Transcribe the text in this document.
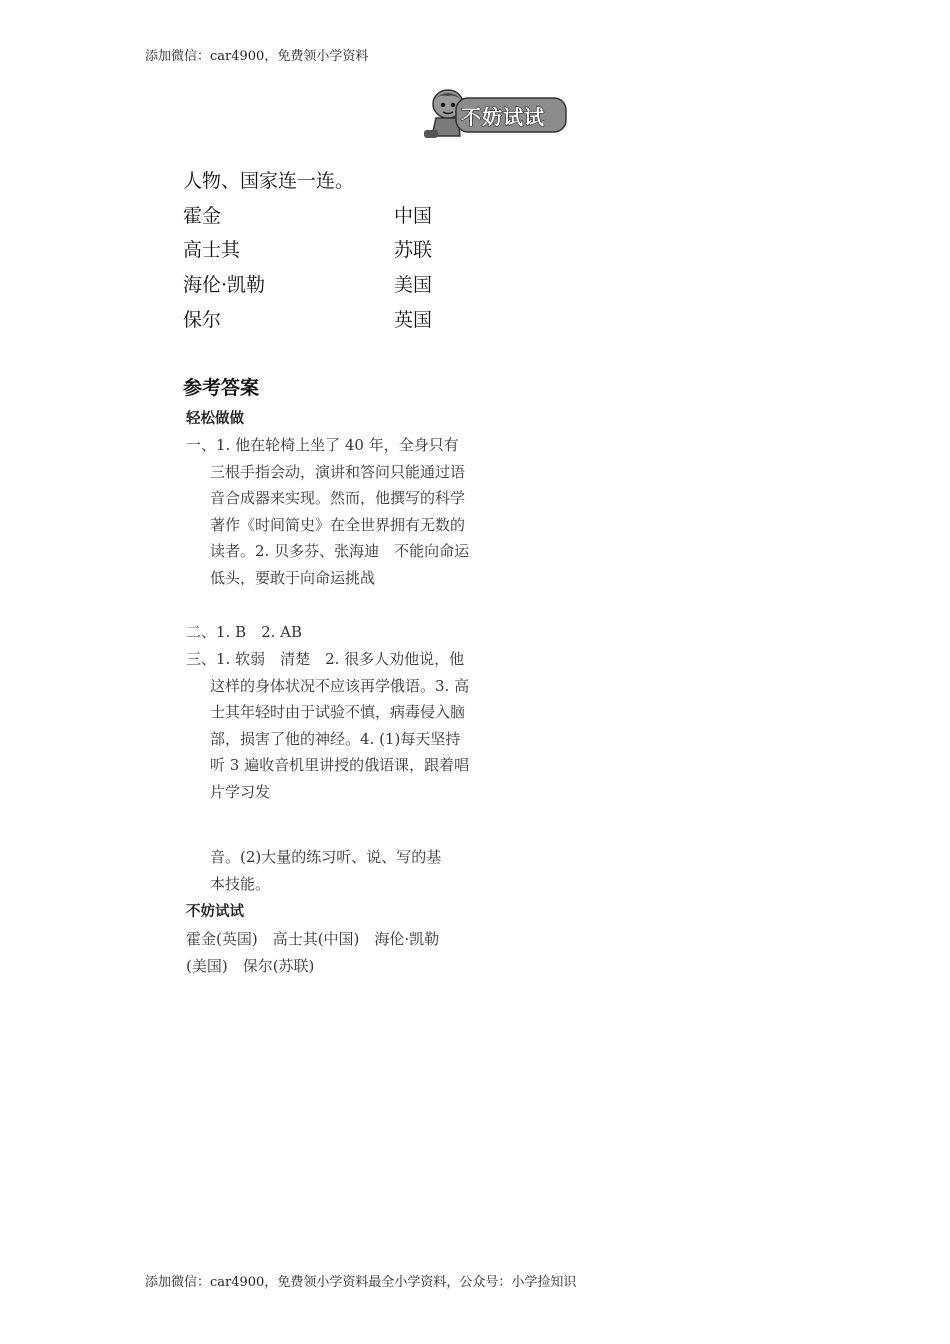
添加微信：car4900，免费领小学资料
不妨试试
人物、国家连一连。
霍金	中国
高士其	苏联
海伦·凯勒	美国
保尔	英国
参考答案
轻松做做
一、1. 他在轮椅上坐了 40 年，全身只有三根手指会动，演讲和答问只能通过语音合成器来实现。然而，他撰写的科学著作《时间简史》在全世界拥有无数的读者。2. 贝多芬、张海迪　不能向命运低头，要敢于向命运挑战
二、1. B　2. AB
三、1. 软弱　清楚　2. 很多人劝他说，他这样的身体状况不应该再学俄语。3. 高士其年轻时由于试验不慎，病毒侵入脑部，损害了他的神经。4. (1)每天坚持听 3 遍收音机里讲授的俄语课，跟着唱片学习发
音。(2)大量的练习听、说、写的基本技能。
不妨试试
霍金(英国)　高士其(中国)　海伦·凯勒(美国)　保尔(苏联)
添加微信：car4900，免费领小学资料最全小学资料，公众号：小学捡知识
